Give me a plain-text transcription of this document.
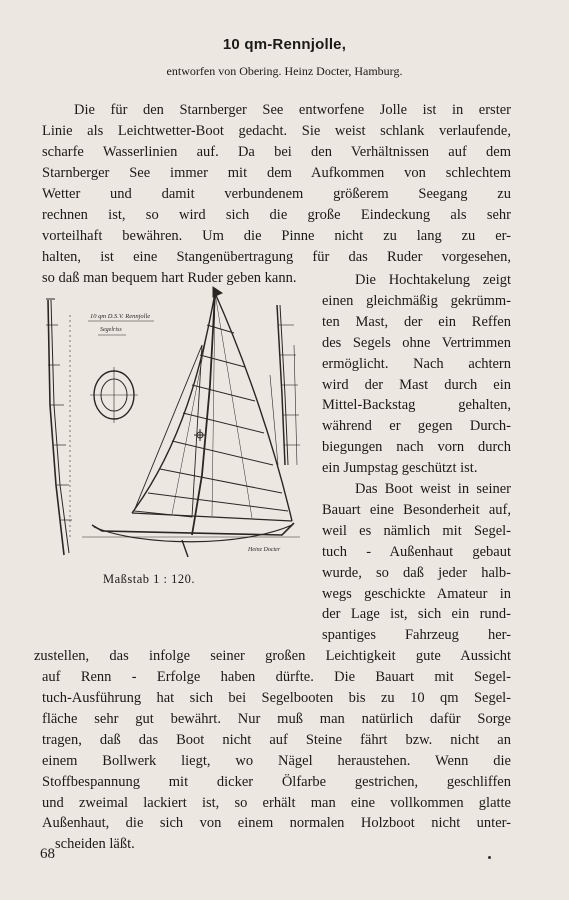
10 qm-Rennjolle,
entworfen von Obering. Heinz Docter, Hamburg.
Die für den Starnberger See entworfene Jolle ist in erster
Linie als Leichtwetter-Boot gedacht. Sie weist schlank verlaufende,
scharfe Wasserlinien auf. Da bei den Verhältnissen auf dem
Starnberger See immer mit dem Aufkommen von schlechtem
Wetter und damit verbundenem größerem Seegang zu
rechnen ist, so wird sich die große Eindeckung als sehr
vorteilhaft bewähren. Um die Pinne nicht zu lang zu er-
halten, ist eine Stangenübertragung für das Ruder vorgesehen,
so daß man bequem hart Ruder geben kann.	Die Hochtakelung zeigt
einen gleichmäßig gekrümm-
ten Mast, der ein Reffen
des Segels ohne Vertrimmen
ermöglicht. Nach achtern
wird der Mast durch ein
Mittel-Backstag gehalten,
während er gegen Durch-
biegungen nach vorn durch
ein Jumpstag geschützt ist.
Das Boot weist in seiner
Bauart eine Besonderheit auf,
weil es nämlich mit Segel-
tuch - Außenhaut gebaut
wurde, so daß jeder halb-
wegs geschickte Amateur in
der Lage ist, sich ein rund-
spantiges Fahrzeug her-
zustellen, das infolge seiner großen Leichtigkeit gute Aussicht
auf Renn - Erfolge haben dürfte. Die Bauart mit Segel-
tuch-Ausführung hat sich bei Segelbooten bis zu 10 qm Segel-
fläche sehr gut bewährt. Nur muß man natürlich dafür Sorge
tragen, daß das Boot nicht auf Steine fährt bzw. nicht an
einem Bollwerk liegt, wo Nägel heraustehen. Wenn die
Stoffbespannung mit dicker Ölfarbe gestrichen, geschliffen
und zweimal lackiert ist, so erhält man eine vollkommen glatte
Außenhaut, die sich von einem normalen Holzboot nicht unter-
scheiden läßt.
10 qm D.S.V. Rennjolle
Segelriss
Heinz Docter
Maßstab 1 : 120.
68
